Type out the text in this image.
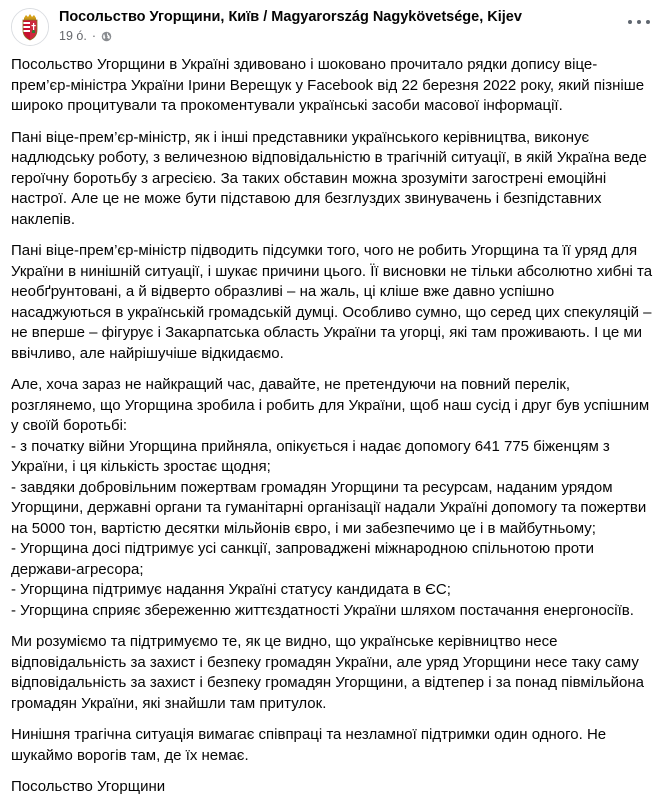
Посольство Угорщини, Київ / Magyarország Nagykövetsége, Kijev
19 ó. ·

Посольство Угорщини в Україні здивовано і шоковано прочитало рядки допису віце-прем’єр-міністра України Ірини Верещук у Facebook від 22 березня 2022 року, який пізніше широко процитували та прокоментували українські засоби масової інформації.

Пані віце-прем’єр-міністр, як і інші представники українського керівництва, виконує надлюдську роботу, з величезною відповідальністю в трагічній ситуації, в якій Україна веде героїчну боротьбу з агресією. За таких обставин можна зрозуміти загострені емоційні настрої. Але це не може бути підставою для безглуздих звинувачень і безпідставних наклепів.

Пані віце-прем’єр-міністр підводить підсумки того, чого не робить Угорщина та її уряд для України в нинішній ситуації, і шукає причини цього. Її висновки не тільки абсолютно хибні та необґрунтовані, а й відверто образливі – на жаль, ці кліше вже давно успішно насаджуються в українській громадській думці. Особливо сумно, що серед цих спекуляцій – не вперше – фігурує і Закарпатська область України та угорці, які там проживають. І це ми ввічливо, але найрішучіше відкидаємо.

Але, хоча зараз не найкращий час, давайте, не претендуючи на повний перелік, розглянемо, що Угорщина зробила і робить для України, щоб наш сусід і друг був успішним у своїй боротьбі:
- з початку війни Угорщина прийняла, опікується і надає допомогу 641 775 біженцям з України, і ця кількість зростає щодня;
- завдяки добровільним пожертвам громадян Угорщини та ресурсам, наданим урядом Угорщини, державні органи та гуманітарні організації надали Україні допомогу та пожертви на 5000 тон, вартістю десятки мільйонів євро, і ми забезпечимо це і в майбутньому;
- Угорщина досі підтримує усі санкції, запроваджені міжнародною спільнотою проти держави-агресора;
- Угорщина підтримує надання Україні статусу кандидата в ЄС;
- Угорщина сприяє збереженню життєздатності України шляхом постачання енергоносіїв.

Ми розуміємо та підтримуємо те, як це видно, що українське керівництво несе відповідальність за захист і безпеку громадян України, але уряд Угорщини несе таку саму відповідальність за захист і безпеку громадян Угорщини, а відтепер і за понад півмільйона громадян України, які знайшли там притулок.

Нинішня трагічна ситуація вимагає співпраці та незламної підтримки один одного. Не шукаймо ворогів там, де їх немає.

Посольство Угорщини
